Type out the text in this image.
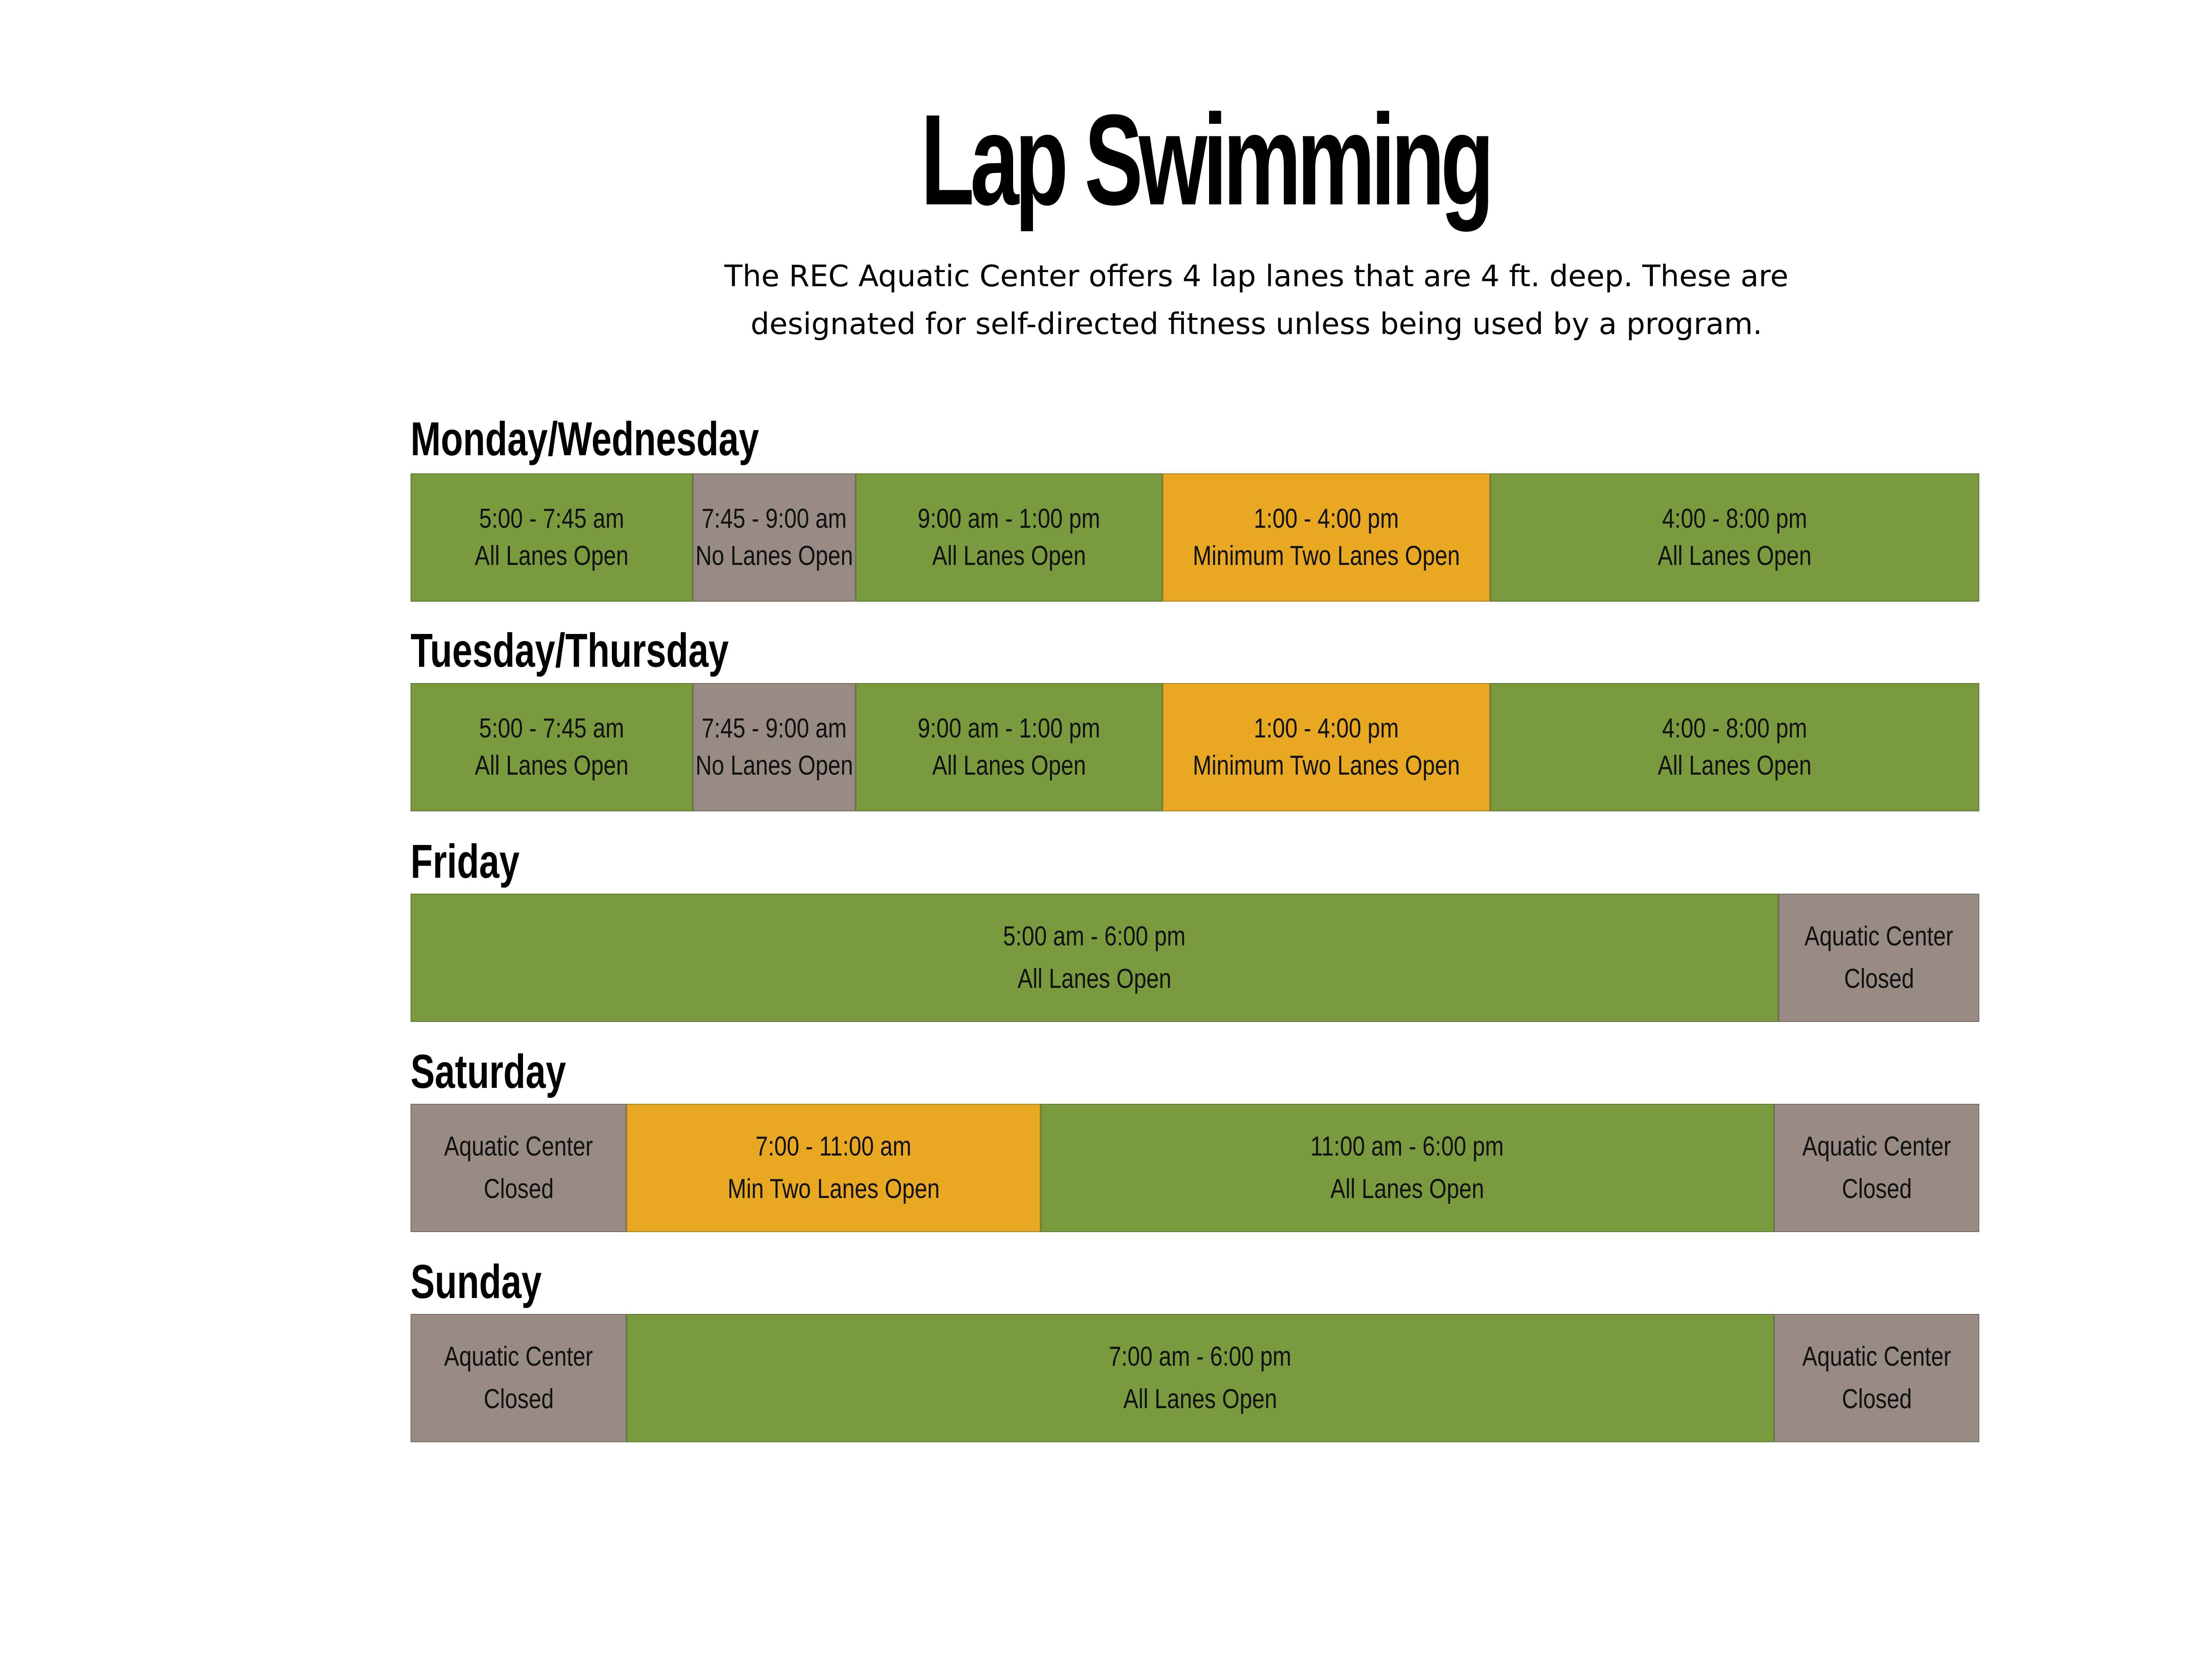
Lap Swimming

The REC Aquatic Center offers 4 lap lanes that are 4 ft. deep. These are
designated for self-directed fitness unless being used by a program.

Monday/Wednesday
5:00 - 7:45 am
All Lanes Open
7:45 - 9:00 am
No Lanes Open
9:00 am - 1:00 pm
All Lanes Open
1:00 - 4:00 pm
Minimum Two Lanes Open
4:00 - 8:00 pm
All Lanes Open
Tuesday/Thursday
5:00 - 7:45 am
All Lanes Open
7:45 - 9:00 am
No Lanes Open
9:00 am - 1:00 pm
All Lanes Open
1:00 - 4:00 pm
Minimum Two Lanes Open
4:00 - 8:00 pm
All Lanes Open
Friday
5:00 am - 6:00 pm
All Lanes Open
Aquatic Center
Closed
Saturday
Aquatic Center
Closed
7:00 - 11:00 am
Min Two Lanes Open
11:00 am - 6:00 pm
All Lanes Open
Aquatic Center
Closed
Sunday
Aquatic Center
Closed
7:00 am - 6:00 pm
All Lanes Open
Aquatic Center
Closed
